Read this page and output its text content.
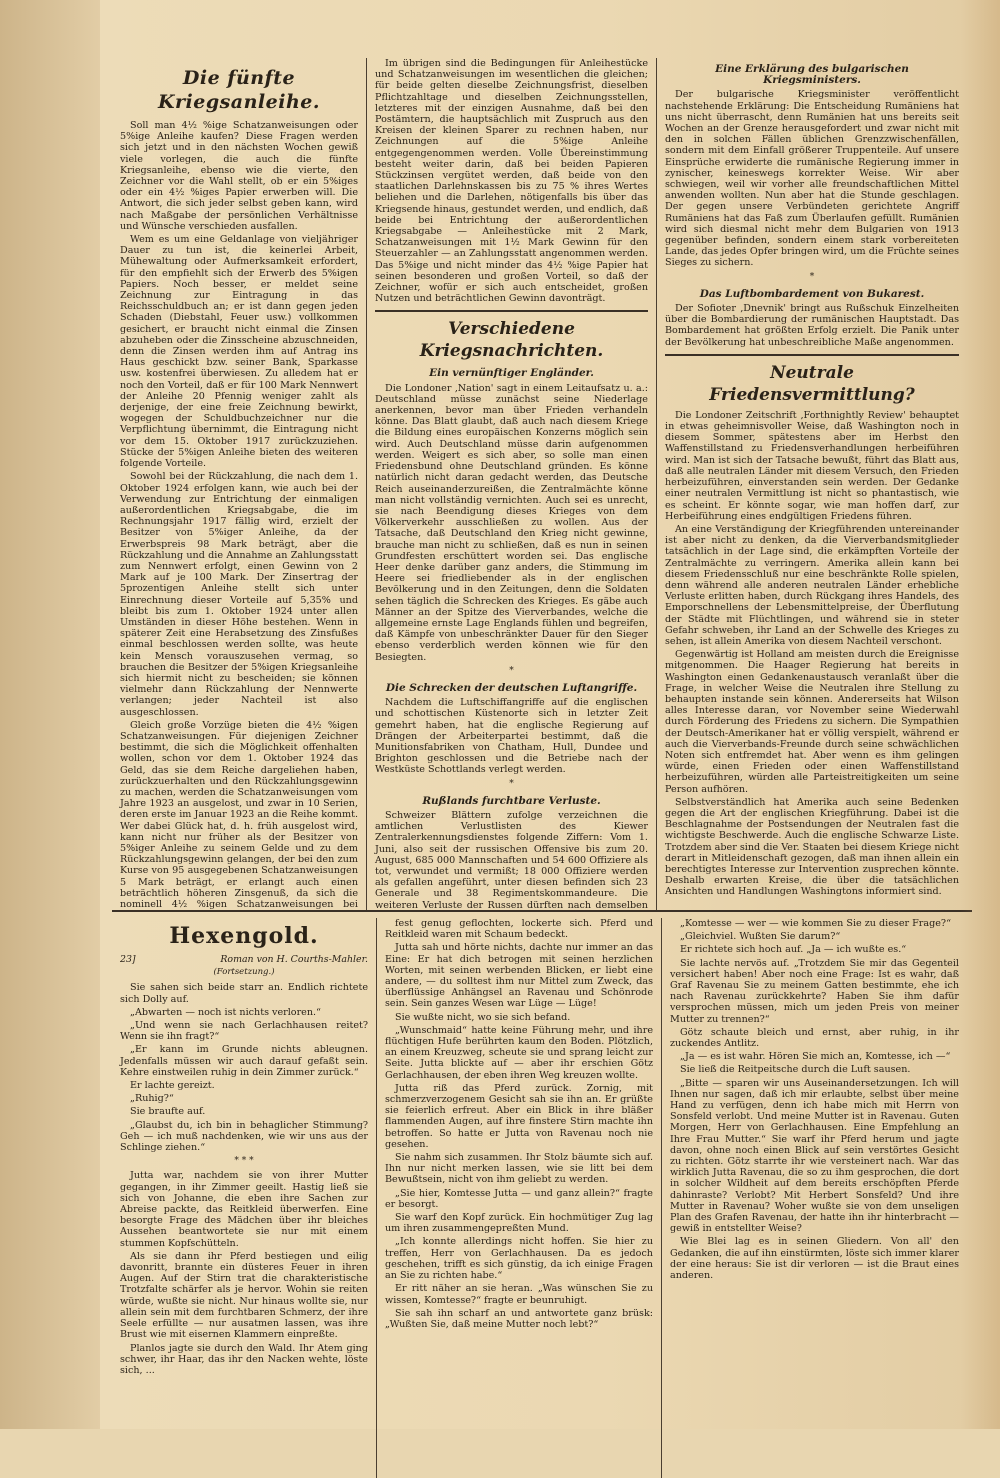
Die fünfte Kriegsanleihe.

Soll man 4½ %ige Schatzanweisungen oder 5%ige Anleihe kaufen? Diese Fragen werden sich jetzt und in den nächsten Wochen gewiß viele vorlegen, die auch die fünfte Kriegsanleihe, ebenso wie die vierte, den Zeichner vor die Wahl stellt, ob er ein 5%iges oder ein 4½ %iges Papier erwerben will. Die Antwort, die sich jeder selbst geben kann, wird nach Maßgabe der persönlichen Verhältnisse und Wünsche verschieden ausfallen.

Wem es um eine Geldanlage von vieljähriger Dauer zu tun ist, die keinerlei Arbeit, Mühewaltung oder Aufmerksamkeit erfordert, für den empfiehlt sich der Erwerb des 5%igen Papiers. Noch besser, er meldet seine Zeichnung zur Eintragung in das Reichsschuldbuch an; er ist dann gegen jeden Schaden (Diebstahl, Feuer usw.) vollkommen gesichert, er braucht nicht einmal die Zinsen abzuheben oder die Zinsscheine abzuschneiden, denn die Zinsen werden ihm auf Antrag ins Haus geschickt bzw. seiner Bank, Sparkasse usw. kostenfrei überwiesen. Zu alledem hat er noch den Vorteil, daß er für 100 Mark Nennwert der Anleihe 20 Pfennig weniger zahlt als derjenige, der eine freie Zeichnung bewirkt, wogegen der Schuldbuchzeichner nur die Verpflichtung übernimmt, die Eintragung nicht vor dem 15. Oktober 1917 zurückzuziehen. Stücke der 5%igen Anleihe bieten des weiteren folgende Vorteile.

Sowohl bei der Rückzahlung, die nach dem 1. Oktober 1924 erfolgen kann, wie auch bei der Verwendung zur Entrichtung der einmaligen außerordentlichen Kriegsabgabe, die im Rechnungsjahr 1917 fällig wird, erzielt der Besitzer von 5%iger Anleihe, da der Erwerbspreis 98 Mark beträgt, aber die Rückzahlung und die Annahme an Zahlungsstatt zum Nennwert erfolgt, einen Gewinn von 2 Mark auf je 100 Mark. Der Zinsertrag der 5prozentigen Anleihe stellt sich unter Einrechnung dieser Vorteile auf 5,35% und bleibt bis zum 1. Oktober 1924 unter allen Umständen in dieser Höhe bestehen. Wenn in späterer Zeit eine Herabsetzung des Zinsfußes einmal beschlossen werden sollte, was heute kein Mensch vorauszusehen vermag, so brauchen die Besitzer der 5%igen Kriegsanleihe sich hiermit nicht zu bescheiden; sie können vielmehr dann Rückzahlung der Nennwerte verlangen; jeder Nachteil ist also ausgeschlossen.

Gleich große Vorzüge bieten die 4½ %igen Schatzanweisungen. Für diejenigen Zeichner bestimmt, die sich die Möglichkeit offenhalten wollen, schon vor dem 1. Oktober 1924 das Geld, das sie dem Reiche dargeliehen haben, zurückzuerhalten und den Rückzahlungsgewinn zu machen, werden die Schatzanweisungen vom Jahre 1923 an ausgelost, und zwar in 10 Serien, deren erste im Januar 1923 an die Reihe kommt. Wer dabei Glück hat, d. h. früh ausgelost wird, kann nicht nur früher als der Besitzer von 5%iger Anleihe zu seinem Gelde und zu dem Rückzahlungsgewinn gelangen, der bei den zum Kurse von 95 ausgegebenen Schatzanweisungen 5 Mark beträgt, er erlangt auch einen beträchtlich höheren Zinsgenuß, da sich die nominell 4½ %igen Schatzanweisungen bei

Im übrigen sind die Bedingungen für Anleihestücke und Schatzanweisungen im wesentlichen die gleichen; für beide gelten dieselbe Zeichnungsfrist, dieselben Pflichtzahltage und dieselben Zeichnungsstellen, letzteres mit der einzigen Ausnahme, daß bei den Postämtern, die hauptsächlich mit Zuspruch aus den Kreisen der kleinen Sparer zu rechnen haben, nur Zeichnungen auf die 5%ige Anleihe entgegengenommen werden. Volle Übereinstimmung besteht weiter darin, daß bei beiden Papieren Stückzinsen vergütet werden, daß beide von den staatlichen Darlehnskassen bis zu 75 % ihres Wertes beliehen und die Darlehen, nötigenfalls bis über das Kriegsende hinaus, gestundet werden, und endlich, daß beide bei Entrichtung der außerordentlichen Kriegsabgabe — Anleihestücke mit 2 Mark, Schatzanweisungen mit 1½ Mark Gewinn für den Steuerzahler — an Zahlungsstatt angenommen werden. Das 5%ige und nicht minder das 4½ %ige Papier hat seinen besonderen und großen Vorteil, so daß der Zeichner, wofür er sich auch entscheidet, großen Nutzen und beträchtlichen Gewinn davonträgt.

Verschiedene Kriegsnachrichten.
Ein vernünftiger Engländer.

Die Londoner ‚Nation' sagt in einem Leitaufsatz u. a.: Deutschland müsse zunächst seine Niederlage anerkennen, bevor man über Frieden verhandeln könne. Das Blatt glaubt, daß auch nach diesem Kriege die Bildung eines europäischen Konzerns möglich sein wird. Auch Deutschland müsse darin aufgenommen werden. Weigert es sich aber, so solle man einen Friedensbund ohne Deutschland gründen. Es könne natürlich nicht daran gedacht werden, das Deutsche Reich auseinanderzureißen, die Zentralmächte könne man nicht vollständig vernichten. Auch sei es unrecht, sie nach Beendigung dieses Krieges von dem Völkerverkehr ausschließen zu wollen. Aus der Tatsache, daß Deutschland den Krieg nicht gewinne, brauche man nicht zu schließen, daß es nun in seinen Grundfesten erschüttert worden sei. Das englische Heer denke darüber ganz anders, die Stimmung im Heere sei friedliebender als in der englischen Bevölkerung und in den Zeitungen, denn die Soldaten sehen täglich die Schrecken des Krieges. Es gäbe auch Männer an der Spitze des Vierverbandes, welche die allgemeine ernste Lage Englands fühlen und begreifen, daß Kämpfe von unbeschränkter Dauer für den Sieger ebenso verderblich werden können wie für den Besiegten.

*
Die Schrecken der deutschen Luftangriffe.

Nachdem die Luftschiffangriffe auf die englischen und schottischen Küstenorte sich in letzter Zeit gemehrt haben, hat die englische Regierung auf Drängen der Arbeiterpartei bestimmt, daß die Munitionsfabriken von Chatham, Hull, Dundee und Brighton geschlossen und die Betriebe nach der Westküste Schottlands verlegt werden.

*
Rußlands furchtbare Verluste.

Schweizer Blättern zufolge verzeichnen die amtlichen Verlustlisten des Kiewer Zentralerkennungsdienstes folgende Ziffern: Vom 1. Juni, also seit der russischen Offensive bis zum 20. August, 685 000 Mannschaften und 54 600 Offiziere als tot, verwundet und vermißt; 18 000 Offiziere werden als gefallen angeführt, unter diesen befinden sich 23 Generale und 38 Regimentskommandeure. Die weiteren Verluste der Russen dürften nach demselben

Eine Erklärung des bulgarischen Kriegsministers.

Der bulgarische Kriegsminister veröffentlicht nachstehende Erklärung: Die Entscheidung Rumäniens hat uns nicht überrascht, denn Rumänien hat uns bereits seit Wochen an der Grenze herausgefordert und zwar nicht mit den in solchen Fällen üblichen Grenzzwischenfällen, sondern mit dem Einfall größerer Truppenteile. Auf unsere Einsprüche erwiderte die rumänische Regierung immer in zynischer, keineswegs korrekter Weise. Wir aber schwiegen, weil wir vorher alle freundschaftlichen Mittel anwenden wollten. Nun aber hat die Stunde geschlagen. Der gegen unsere Verbündeten gerichtete Angriff Rumäniens hat das Faß zum Überlaufen gefüllt. Rumänien wird sich diesmal nicht mehr dem Bulgarien von 1913 gegenüber befinden, sondern einem stark vorbereiteten Lande, das jedes Opfer bringen wird, um die Früchte seines Sieges zu sichern.

*
Das Luftbombardement von Bukarest.

Der Sofioter ‚Dnevnik' bringt aus Rußschuk Einzelheiten über die Bombardierung der rumänischen Hauptstadt. Das Bombardement hat größten Erfolg erzielt. Die Panik unter der Bevölkerung hat unbeschreibliche Maße angenommen.

Neutrale Friedensvermittlung?

Die Londoner Zeitschrift ‚Forthnightly Review' behauptet in etwas geheimnisvoller Weise, daß Washington noch in diesem Sommer, spätestens aber im Herbst den Waffenstillstand zu Friedensverhandlungen herbeiführen wird. Man ist sich der Tatsache bewußt, führt das Blatt aus, daß alle neutralen Länder mit diesem Versuch, den Frieden herbeizuführen, einverstanden sein werden. Der Gedanke einer neutralen Vermittlung ist nicht so phantastisch, wie es scheint. Er könnte sogar, wie man hoffen darf, zur Herbeiführung eines endgültigen Friedens führen.

An eine Verständigung der Kriegführenden untereinander ist aber nicht zu denken, da die Vierverbandsmitglieder tatsächlich in der Lage sind, die erkämpften Vorteile der Zentralmächte zu verringern. Amerika allein kann bei diesem Friedensschluß nur eine beschränkte Rolle spielen, denn während alle anderen neutralen Länder erhebliche Verluste erlitten haben, durch Rückgang ihres Handels, des Emporschnellens der Lebensmittelpreise, der Überflutung der Städte mit Flüchtlingen, und während sie in steter Gefahr schweben, ihr Land an der Schwelle des Krieges zu sehen, ist allein Amerika von diesem Nachteil verschont.

Gegenwärtig ist Holland am meisten durch die Ereignisse mitgenommen. Die Haager Regierung hat bereits in Washington einen Gedankenaustausch veranlaßt über die Frage, in welcher Weise die Neutralen ihre Stellung zu behaupten instande sein können. Andererseits hat Wilson alles Interesse daran, vor November seine Wiederwahl durch Förderung des Friedens zu sichern. Die Sympathien der Deutsch-Amerikaner hat er völlig verspielt, während er auch die Vierverbands-Freunde durch seine schwächlichen Noten sich entfremdet hat. Aber wenn es ihm gelingen würde, einen Frieden oder einen Waffenstillstand herbeizuführen, würden alle Parteistreitigkeiten um seine Person aufhören.

Selbstverständlich hat Amerika auch seine Bedenken gegen die Art der englischen Kriegführung. Dabei ist die Beschlagnahme der Postsendungen der Neutralen fast die wichtigste Beschwerde. Auch die englische Schwarze Liste. Trotzdem aber sind die Ver. Staaten bei diesem Kriege nicht derart in Mitleidenschaft gezogen, daß man ihnen allein ein berechtigtes Interesse zur Intervention zusprechen könnte. Deshalb erwarten Kreise, die über die tatsächlichen Ansichten und Handlungen Washingtons informiert sind.

Hexengold.
23]	Roman von H. Courths-Mahler.
(Fortsetzung.)

Sie sahen sich beide starr an. Endlich richtete sich Dolly auf.

„Abwarten — noch ist nichts verloren.“

„Und wenn sie nach Gerlachhausen reitet? Wenn sie ihn fragt?“

„Er kann im Grunde nichts ableugnen. Jedenfalls müssen wir auch darauf gefaßt sein. Kehre einstweilen ruhig in dein Zimmer zurück.“

Er lachte gereizt.

„Ruhig?“

Sie braufte auf.

„Glaubst du, ich bin in behaglicher Stimmung? Geh — ich muß nachdenken, wie wir uns aus der Schlinge ziehen.“

* * *

Jutta war, nachdem sie von ihrer Mutter gegangen, in ihr Zimmer geeilt. Hastig ließ sie sich von Johanne, die eben ihre Sachen zur Abreise packte, das Reitkleid überwerfen. Eine besorgte Frage des Mädchen über ihr bleiches Aussehen beantwortete sie nur mit einem stummen Kopfschütteln.

Als sie dann ihr Pferd bestiegen und eilig davonritt, brannte ein düsteres Feuer in ihren Augen. Auf der Stirn trat die charakteristische Trotzfalte schärfer als je hervor. Wohin sie reiten würde, wußte sie nicht. Nur hinaus wollte sie, nur allein sein mit dem furchtbaren Schmerz, der ihre Seele erfüllte — nur ausatmen lassen, was ihre Brust wie mit eisernen Klammern einpreßte.

Planlos jagte sie durch den Wald. Ihr Atem ging schwer, ihr Haar, das ihr den Nacken wehte, löste sich, ...

fest genug geflochten, lockerte sich. Pferd und Reitkleid waren mit Schaum bedeckt.

Jutta sah und hörte nichts, dachte nur immer an das Eine: Er hat dich betrogen mit seinen herzlichen Worten, mit seinen werbenden Blicken, er liebt eine andere, — du solltest ihm nur Mittel zum Zweck, das überflüssige Anhängsel an Ravenau und Schönrode sein. Sein ganzes Wesen war Lüge — Lüge!

Sie wußte nicht, wo sie sich befand.

„Wunschmaid“ hatte keine Führung mehr, und ihre flüchtigen Hufe berührten kaum den Boden. Plötzlich, an einem Kreuzweg, scheute sie und sprang leicht zur Seite. Jutta blickte auf — aber ihr erschien Götz Gerlachhausen, der eben ihren Weg kreuzen wollte.

Jutta riß das Pferd zurück. Zornig, mit schmerzverzogenem Gesicht sah sie ihn an. Er grüßte sie feierlich erfreut. Aber ein Blick in ihre bläßer flammenden Augen, auf ihre finstere Stirn machte ihn betroffen. So hatte er Jutta von Ravenau noch nie gesehen.

Sie nahm sich zusammen. Ihr Stolz bäumte sich auf. Ihn nur nicht merken lassen, wie sie litt bei dem Bewußtsein, nicht von ihm geliebt zu werden.

„Sie hier, Komtesse Jutta — und ganz allein?“ fragte er besorgt.

Sie warf den Kopf zurück. Ein hochmütiger Zug lag um ihren zusammengepreßten Mund.

„Ich konnte allerdings nicht hoffen. Sie hier zu treffen, Herr von Gerlachhausen. Da es jedoch geschehen, trifft es sich günstig, da ich einige Fragen an Sie zu richten habe.“

Er ritt näher an sie heran. „Was wünschen Sie zu wissen, Komtesse?“ fragte er beunruhigt.

Sie sah ihn scharf an und antwortete ganz brüsk: „Wußten Sie, daß meine Mutter noch lebt?“

„Komtesse — wer — wie kommen Sie zu dieser Frage?“

„Gleichviel. Wußten Sie darum?“

Er richtete sich hoch auf. „Ja — ich wußte es.“

Sie lachte nervös auf. „Trotzdem Sie mir das Gegenteil versichert haben! Aber noch eine Frage: Ist es wahr, daß Graf Ravenau Sie zu meinem Gatten bestimmte, ehe ich nach Ravenau zurückkehrte? Haben Sie ihm dafür versprochen müssen, mich um jeden Preis von meiner Mutter zu trennen?“

Götz schaute bleich und ernst, aber ruhig, in ihr zuckendes Antlitz.

„Ja — es ist wahr. Hören Sie mich an, Komtesse, ich —“

Sie ließ die Reitpeitsche durch die Luft sausen.

„Bitte — sparen wir uns Auseinandersetzungen. Ich will Ihnen nur sagen, daß ich mir erlaubte, selbst über meine Hand zu verfügen, denn ich habe mich mit Herrn von Sonsfeld verlobt. Und meine Mutter ist in Ravenau. Guten Morgen, Herr von Gerlachhausen. Eine Empfehlung an Ihre Frau Mutter.“ Sie warf ihr Pferd herum und jagte davon, ohne noch einen Blick auf sein verstörtes Gesicht zu richten. Götz starrte ihr wie versteinert nach. War das wirklich Jutta Ravenau, die so zu ihm gesprochen, die dort in solcher Wildheit auf dem bereits erschöpften Pferde dahinraste? Verlobt? Mit Herbert Sonsfeld? Und ihre Mutter in Ravenau? Woher wußte sie von dem unseligen Plan des Grafen Ravenau, der hatte ihn ihr hinterbracht — gewiß in entstellter Weise?

Wie Blei lag es in seinen Gliedern. Von all' den Gedanken, die auf ihn einstürmten, löste sich immer klarer der eine heraus: Sie ist dir verloren — ist die Braut eines anderen.
